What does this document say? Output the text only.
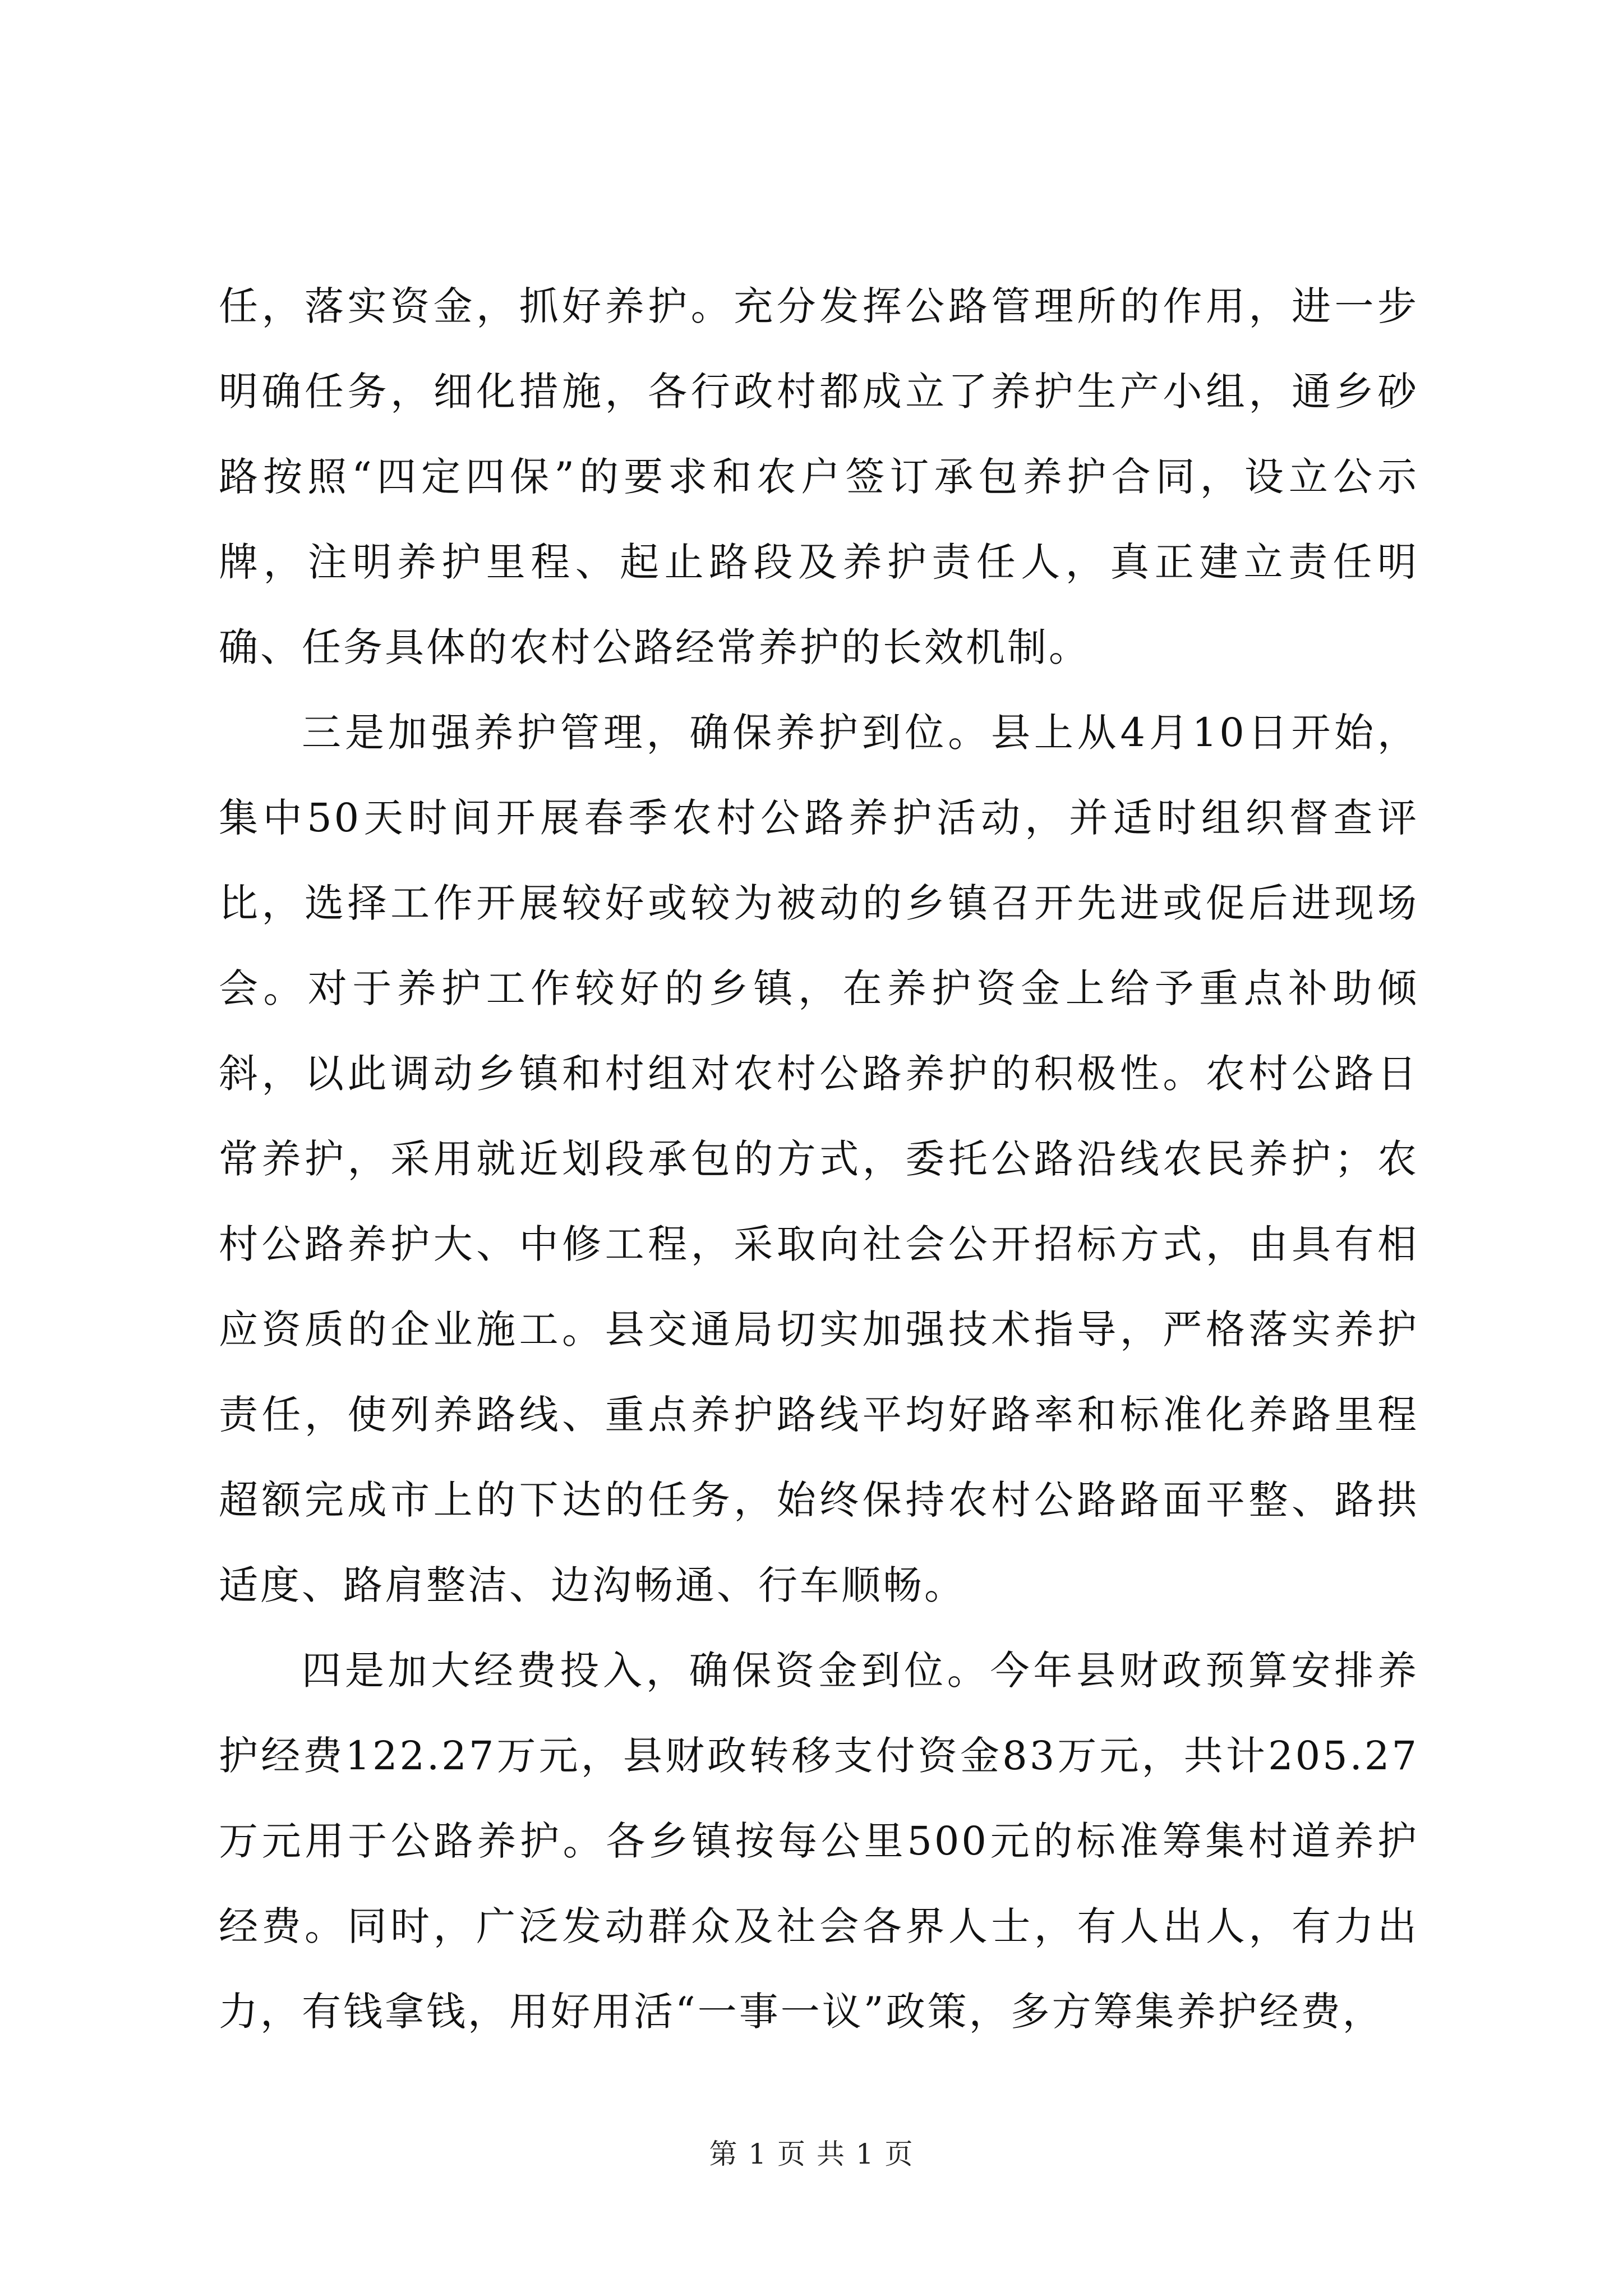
任，落实资金，抓好养护。充分发挥公路管理所的作用，进一步明确任务，细化措施，各行政村都成立了养护生产小组，通乡砂路按照“四定四保”的要求和农户签订承包养护合同，设立公示牌，注明养护里程、起止路段及养护责任人，真正建立责任明确、任务具体的农村公路经常养护的长效机制。

三是加强养护管理，确保养护到位。县上从4月10日开始，集中50天时间开展春季农村公路养护活动，并适时组织督查评比，选择工作开展较好或较为被动的乡镇召开先进或促后进现场会。对于养护工作较好的乡镇，在养护资金上给予重点补助倾斜，以此调动乡镇和村组对农村公路养护的积极性。农村公路日常养护，采用就近划段承包的方式，委托公路沿线农民养护；农村公路养护大、中修工程，采取向社会公开招标方式，由具有相应资质的企业施工。县交通局切实加强技术指导，严格落实养护责任，使列养路线、重点养护路线平均好路率和标准化养路里程超额完成市上的下达的任务，始终保持农村公路路面平整、路拱适度、路肩整洁、边沟畅通、行车顺畅。

四是加大经费投入，确保资金到位。今年县财政预算安排养护经费122.27万元，县财政转移支付资金83万元，共计205.27万元用于公路养护。各乡镇按每公里500元的标准筹集村道养护经费。同时，广泛发动群众及社会各界人士，有人出人，有力出力，有钱拿钱，用好用活“一事一议”政策，多方筹集养护经费，

第 1 页 共 1 页
